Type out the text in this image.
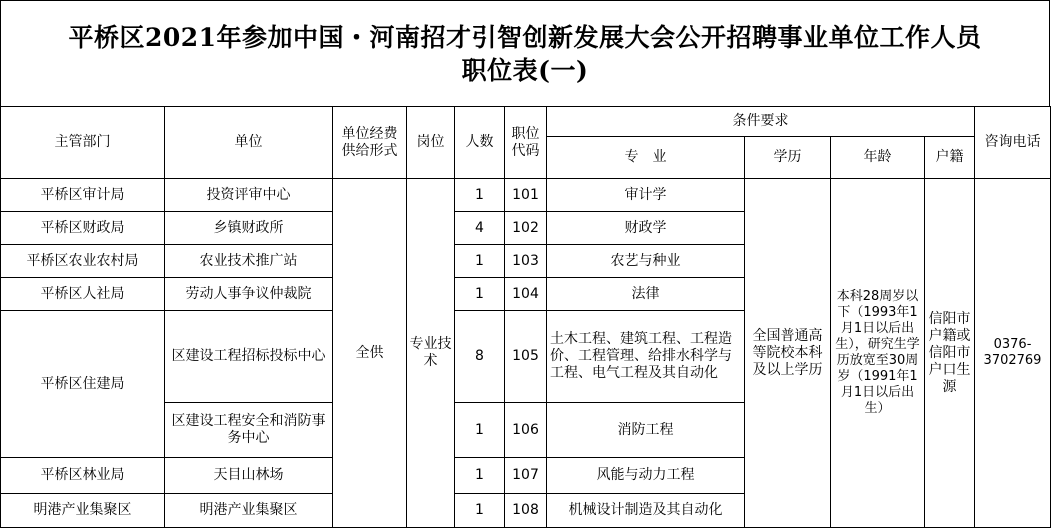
平桥区2021年参加中国・河南招才引智创新发展大会公开招聘事业单位工作人员
职位表(一)
主管部门	单位	单位经费供给形式	岗位	人数	职位代码	条件要求				咨询电话
						专　业	学历	年龄	户籍	
平桥区审计局	投资评审中心	全供	专业技术	1	101	审计学	全国普通高等院校本科及以上学历	本科28周岁以下（1993年1月1日以后出生），研究生学历放宽至30周岁（1991年1月1日以后出生）	信阳市户籍或信阳市户口生源	0376-3702769
平桥区财政局	乡镇财政所			4	102	财政学				
平桥区农业农村局	农业技术推广站			1	103	农艺与种业				
平桥区人社局	劳动人事争议仲裁院			1	104	法律				
平桥区住建局	区建设工程招标投标中心			8	105	土木工程、建筑工程、工程造价、工程管理、给排水科学与工程、电气工程及其自动化				
	区建设工程安全和消防事务中心			1	106	消防工程				
平桥区林业局	天目山林场			1	107	风能与动力工程				
明港产业集聚区	明港产业集聚区			1	108	机械设计制造及其自动化				
